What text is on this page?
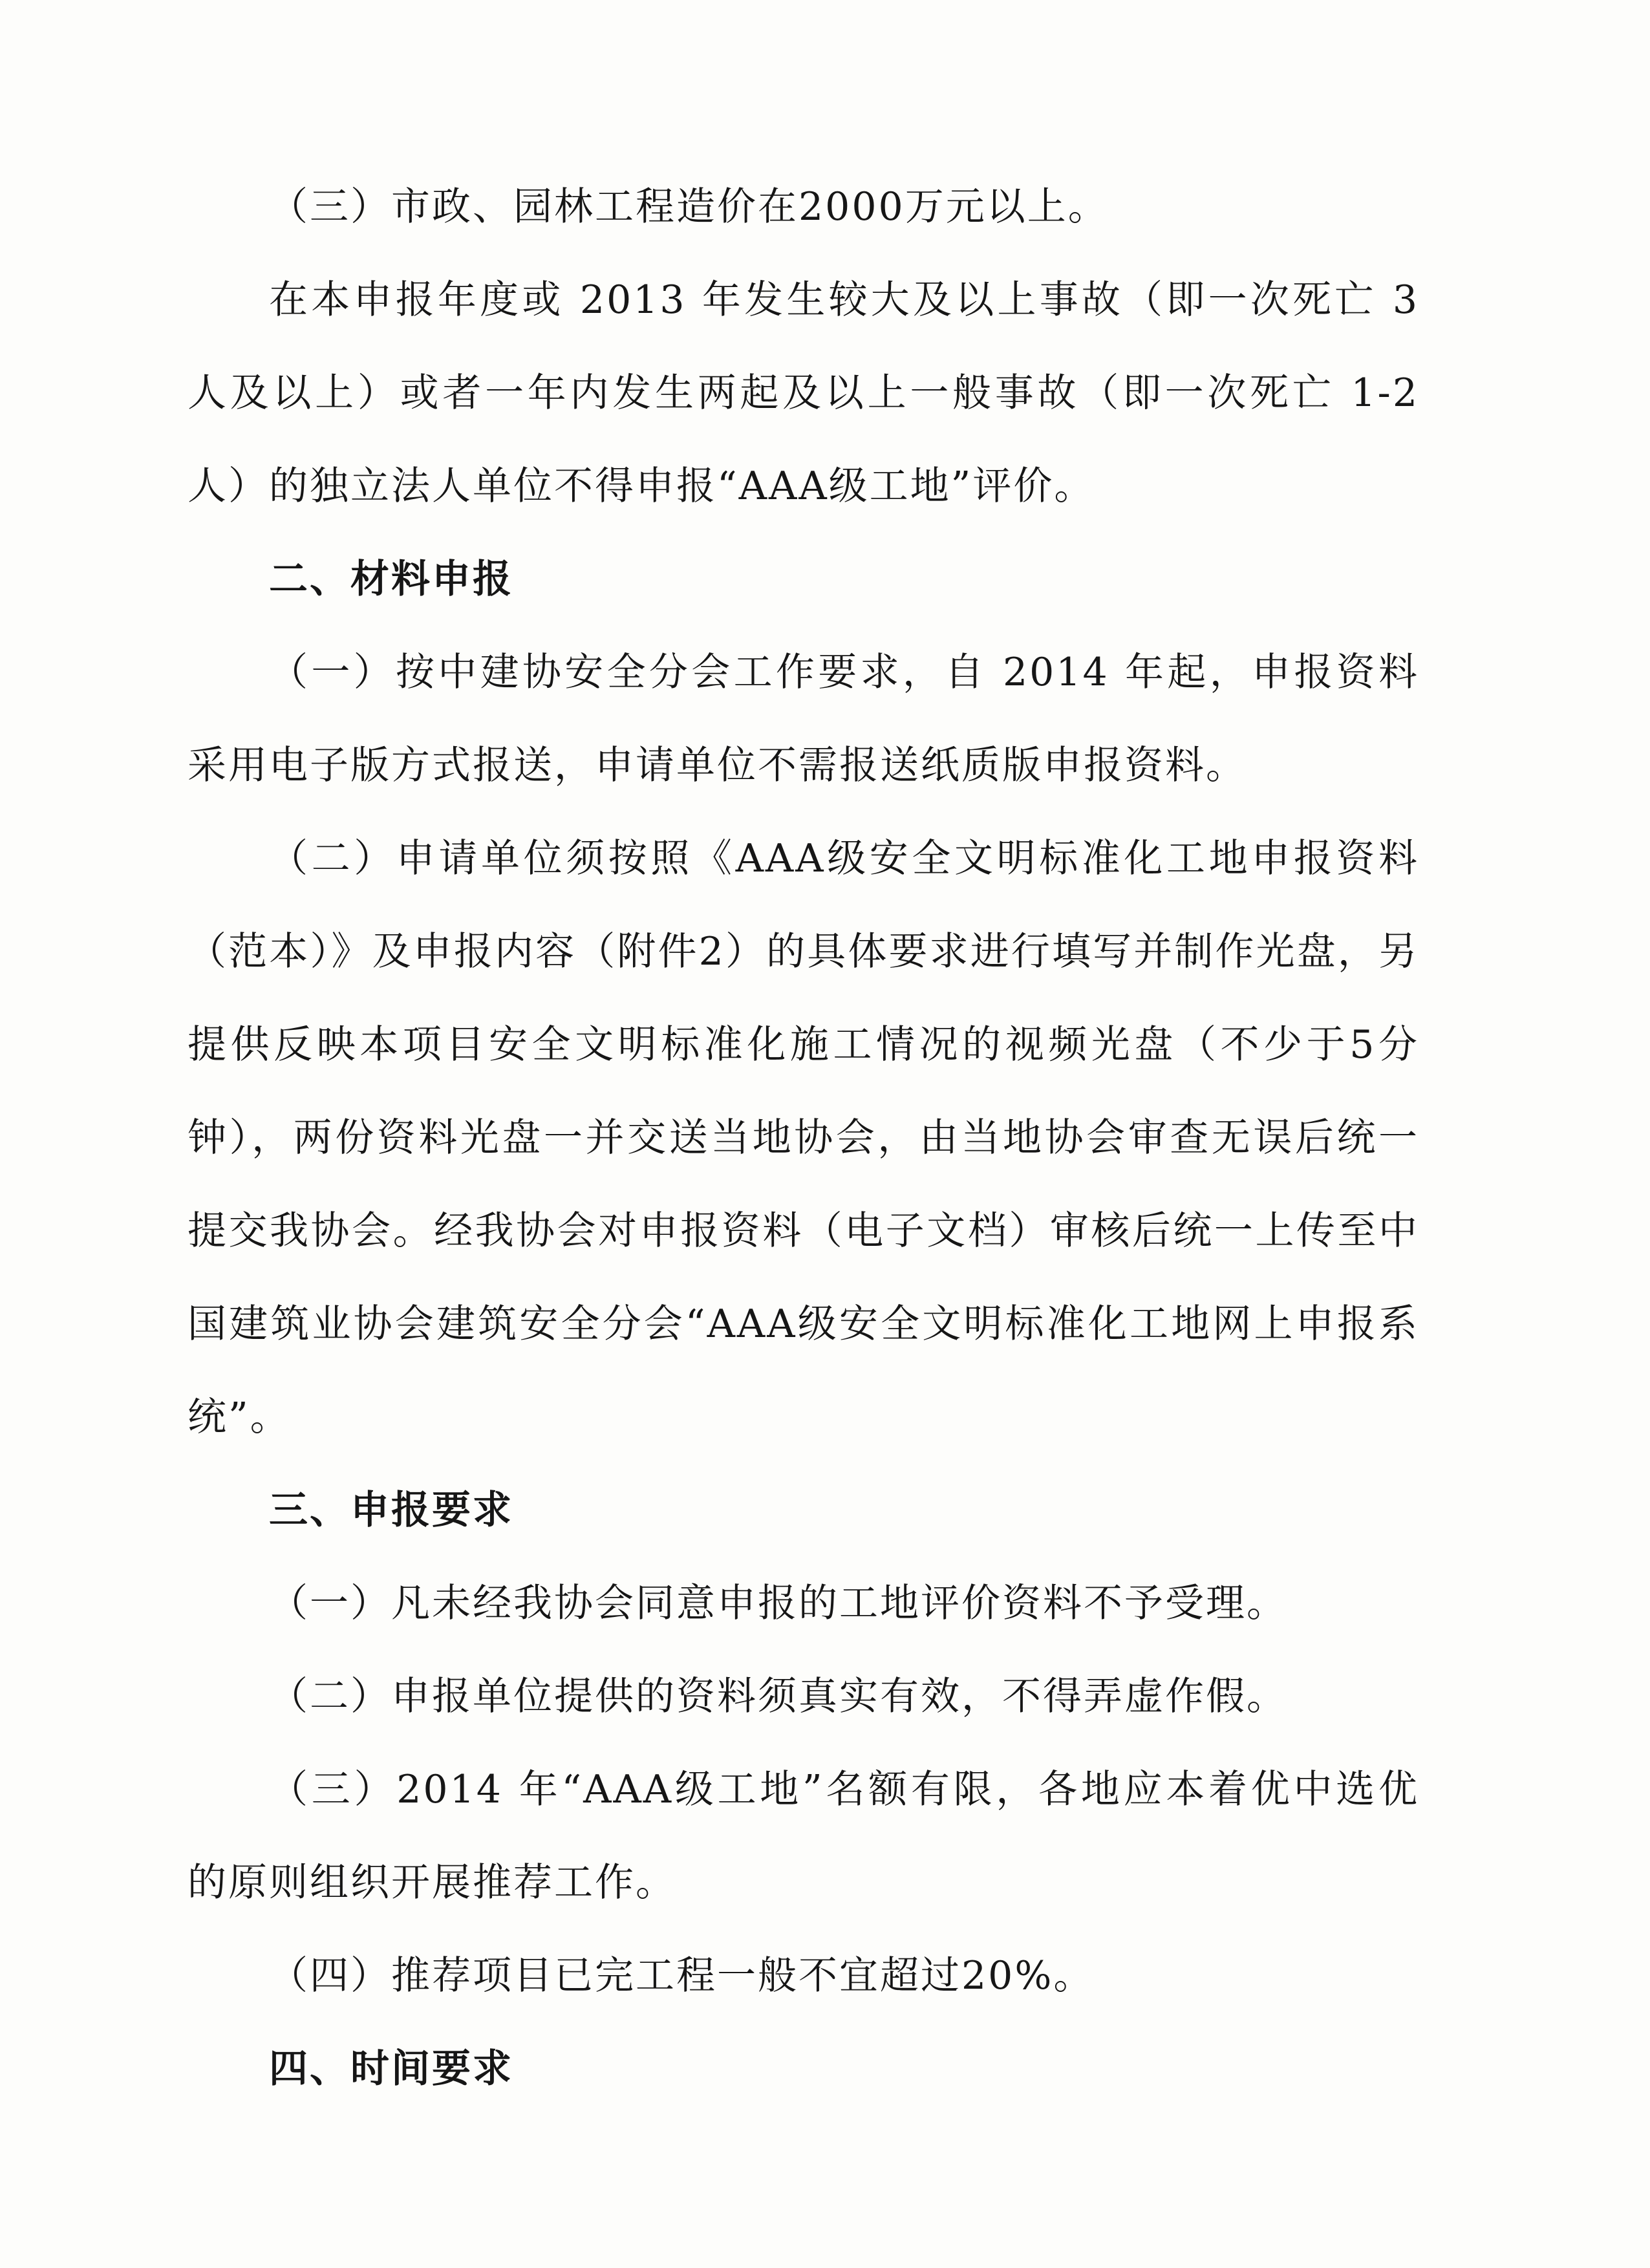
（三）市政、园林工程造价在2000万元以上。

在本申报年度或 2013 年发生较大及以上事故（即一次死亡 3 人及以上）或者一年内发生两起及以上一般事故（即一次死亡 1-2 人）的独立法人单位不得申报“AAA级工地”评价。

二、材料申报

（一）按中建协安全分会工作要求，自 2014 年起，申报资料采用电子版方式报送，申请单位不需报送纸质版申报资料。

（二）申请单位须按照《AAA级安全文明标准化工地申报资料（范本）》及申报内容（附件2）的具体要求进行填写并制作光盘，另提供反映本项目安全文明标准化施工情况的视频光盘（不少于5分钟），两份资料光盘一并交送当地协会，由当地协会审查无误后统一提交我协会。经我协会对申报资料（电子文档）审核后统一上传至中国建筑业协会建筑安全分会“AAA级安全文明标准化工地网上申报系统”。

三、申报要求

（一）凡未经我协会同意申报的工地评价资料不予受理。

（二）申报单位提供的资料须真实有效，不得弄虚作假。

（三）2014 年“AAA级工地”名额有限，各地应本着优中选优的原则组织开展推荐工作。

（四）推荐项目已完工程一般不宜超过20%。

四、时间要求
